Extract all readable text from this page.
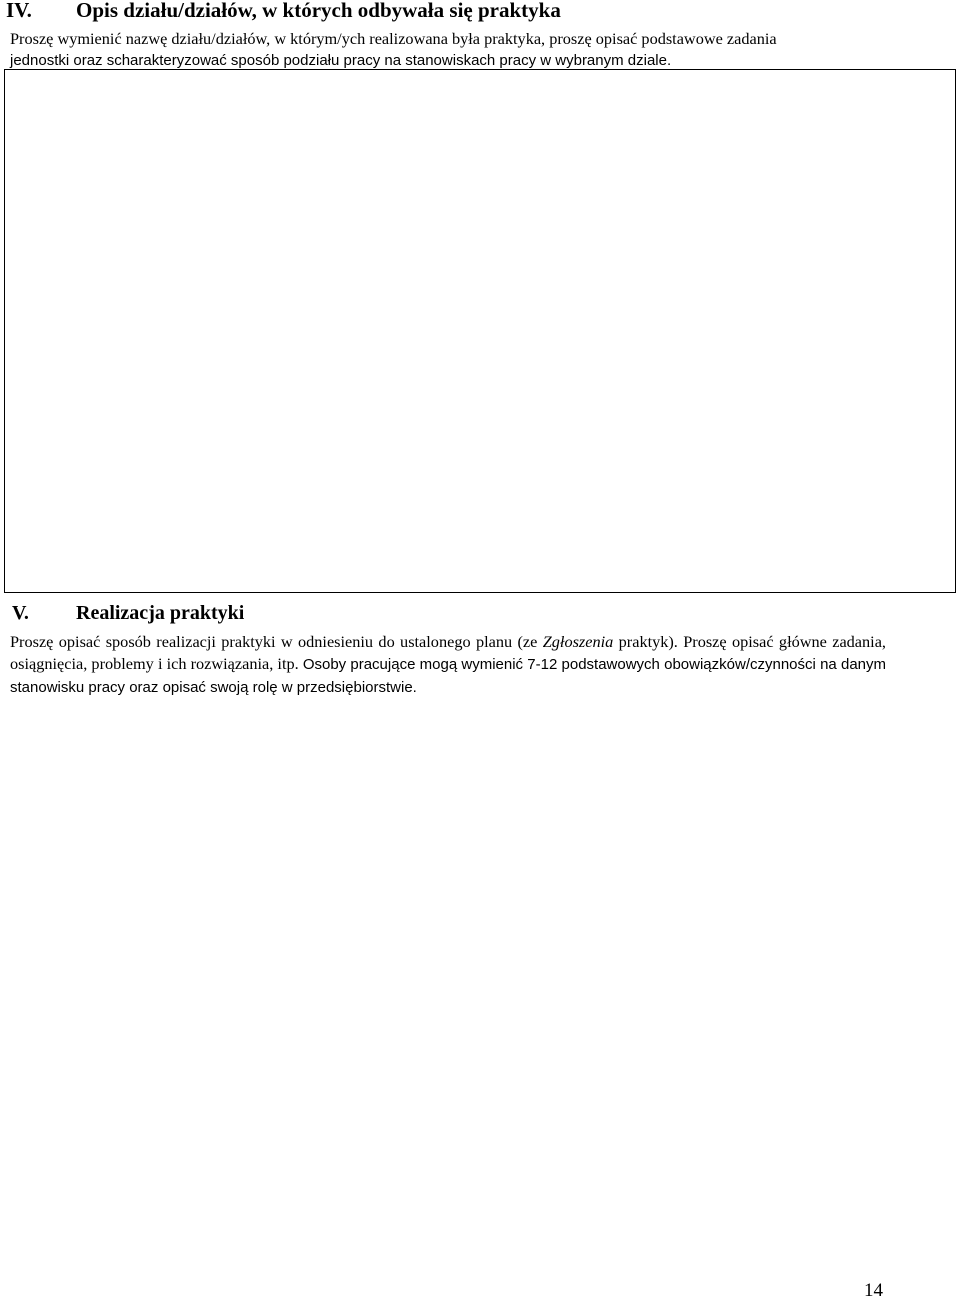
IV. Opis działu/działów, w których odbywała się praktyka
Proszę wymienić nazwę działu/działów, w którym/ych realizowana była praktyka, proszę opisać podstawowe zadania
jednostki oraz scharakteryzować sposób podziału pracy na stanowiskach pracy w wybranym dziale.
V. Realizacja praktyki
Proszę opisać sposób realizacji praktyki w odniesieniu do ustalonego planu (ze Zgłoszenia praktyk). Proszę opisać główne zadania, osiągnięcia, problemy i ich rozwiązania, itp. Osoby pracujące mogą wymienić 7-12 podstawowych obowiązków/czynności na danym stanowisku pracy oraz opisać swoją rolę w przedsiębiorstwie.
14
